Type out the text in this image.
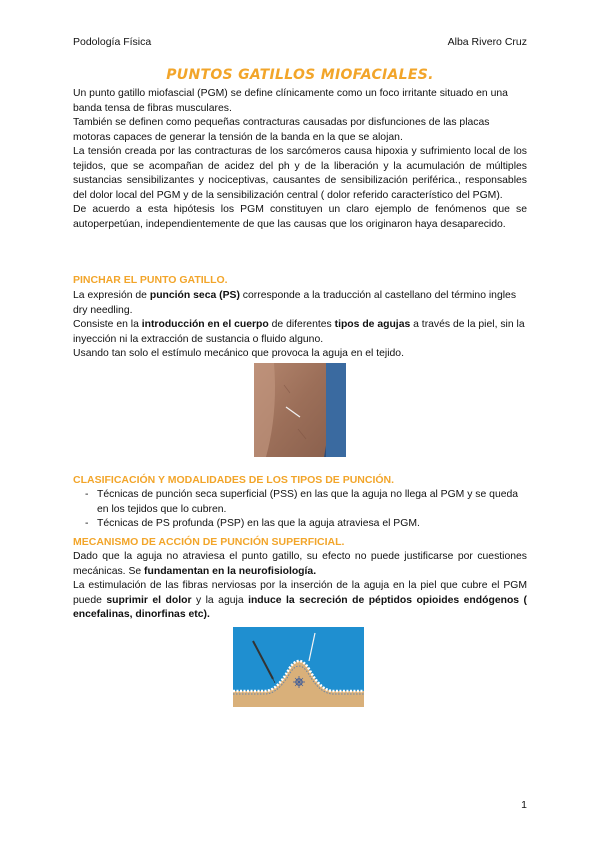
Podología Física	Alba Rivero Cruz
PUNTOS GATILLOS MIOFACIALES.

Un punto gatillo miofascial (PGM) se define clínicamente como un foco irritante situado en una banda tensa de fibras musculares.

También se definen como pequeñas contracturas causadas por disfunciones de las placas motoras capaces de generar la tensión de la banda en la que se alojan.

La tensión creada por las contracturas de los sarcómeros causa hipoxia y sufrimiento local de los tejidos, que se acompañan de acidez del ph y de la liberación y la acumulación de múltiples sustancias sensibilizantes y nociceptivas, causantes de sensibilización periférica., responsables del dolor local del PGM y de la sensibilización central ( dolor referido característico del PGM).

De acuerdo a esta hipótesis los PGM constituyen un claro ejemplo de fenómenos que se autoperpetúan, independientemente de que las causas que los originaron haya desaparecido.

PINCHAR EL PUNTO GATILLO.

La expresión de punción seca (PS) corresponde a la traducción al castellano del término ingles dry needling.

Consiste en la introducción en el cuerpo de diferentes tipos de agujas a través de la piel, sin la inyección ni la extracción de sustancia o fluido alguno.

Usando tan solo el estímulo mecánico que provoca la aguja en el tejido.

CLASIFICACIÓN Y MODALIDADES DE LOS TIPOS DE PUNCIÓN.
- Técnicas de punción seca superficial (PSS) en las que la aguja no llega al PGM y se queda en los tejidos que lo cubren.
- Técnicas de PS profunda (PSP) en las que la aguja atraviesa el PGM.
MECANISMO DE ACCIÓN DE PUNCIÓN SUPERFICIAL.

Dado que la aguja no atraviesa el punto gatillo, su efecto no puede justificarse por cuestiones mecánicas. Se fundamentan en la neurofisiología.

La estimulación de las fibras nerviosas por la inserción de la aguja en la piel que cubre el PGM puede suprimir el dolor y la aguja induce la secreción de péptidos opioides endógenos ( encefalinas, dinorfinas etc).

1
